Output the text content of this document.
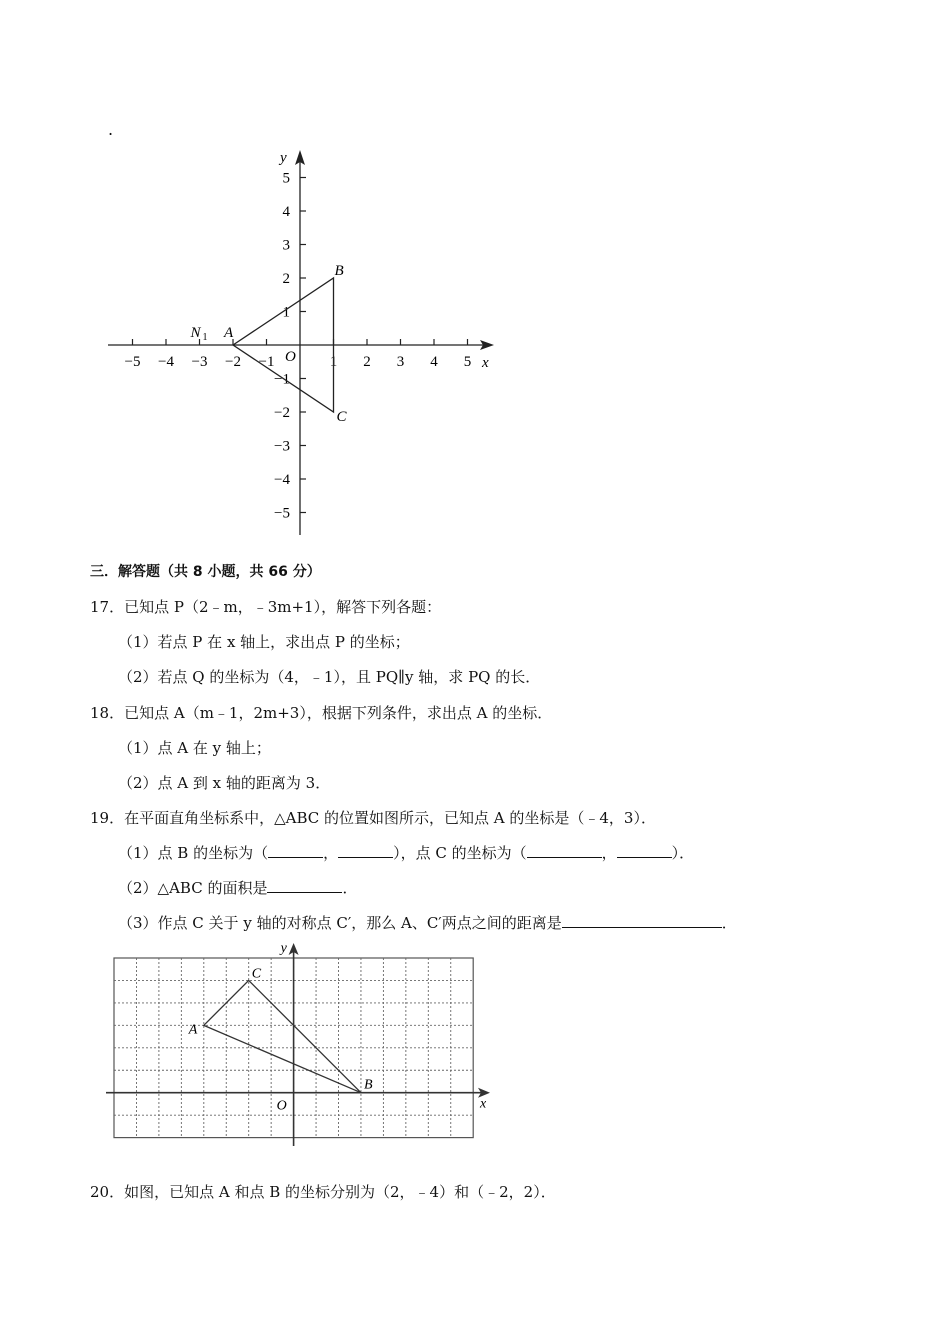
.
x
y
O
−5 −4 −3 −2 −1	1 2 3 4 5
5
4
3
2
1
−1
−2
−3
−4
−5
A
B
C
N 1
三．解答题（共 8 小题，共 66 分）
17．已知点 P（2﹣m，﹣3m+1），解答下列各题：
（1）若点 P 在 x 轴上，求出点 P 的坐标；
（2）若点 Q 的坐标为（4，﹣1），且 PQ∥y 轴，求 PQ 的长．
18．已知点 A（m﹣1，2m+3），根据下列条件，求出点 A 的坐标．
（1）点 A 在 y 轴上；
（2）点 A 到 x 轴的距离为 3．
19．在平面直角坐标系中，△ABC 的位置如图所示，已知点 A 的坐标是（﹣4，3）．
（1）点 B 的坐标为（	，	），点 C 的坐标为（	，	）．
（2）△ABC 的面积是	．
（3）作点 C 关于 y 轴的对称点 C′，那么 A、C′两点之间的距离是	．
x
y
O
A
B
C
20．如图，已知点 A 和点 B 的坐标分别为（2，﹣4）和（﹣2，2）．
